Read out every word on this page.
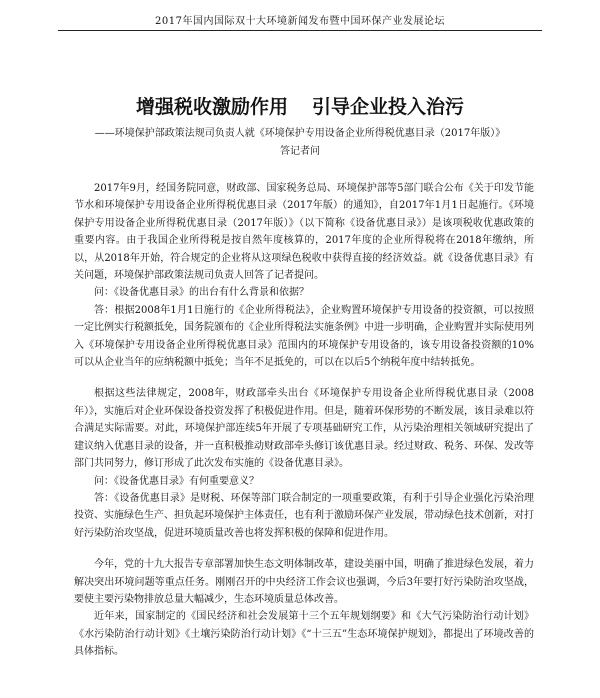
2017年国内国际双十大环境新闻发布暨中国环保产业发展论坛
增强税收激励作用 引导企业投入治污
——环境保护部政策法规司负责人就《环境保护专用设备企业所得税优惠目录（2017年版）》
答记者问

2017年9月，经国务院同意，财政部、国家税务总局、环境保护部等5部门联合公布《关于印发节能节水和环境保护专用设备企业所得税优惠目录（2017年版）的通知》，自2017年1月1日起施行。《环境保护专用设备企业所得税优惠目录（2017年版）》（以下简称《设备优惠目录》）是该项税收优惠政策的重要内容。由于我国企业所得税是按自然年度核算的，2017年度的企业所得税将在2018年缴纳，所以，从2018年开始，符合规定的企业将从这项绿色税收中获得直接的经济效益。就《设备优惠目录》有关问题，环境保护部政策法规司负责人回答了记者提问。

问：《设备优惠目录》的出台有什么背景和依据？

答：根据2008年1月1日施行的《企业所得税法》，企业购置环境保护专用设备的投资额，可以按照一定比例实行税额抵免，国务院颁布的《企业所得税法实施条例》中进一步明确，企业购置并实际使用列入《环境保护专用设备企业所得税优惠目录》范围内的环境保护专用设备的，该专用设备投资额的10%可以从企业当年的应纳税额中抵免；当年不足抵免的，可以在以后5个纳税年度中结转抵免。

根据这些法律规定，2008年，财政部牵头出台《环境保护专用设备企业所得税优惠目录（2008年）》，实施后对企业环保设备投资发挥了积极促进作用。但是，随着环保形势的不断发展，该目录难以符合满足实际需要。对此，环境保护部连续5年开展了专项基础研究工作，从污染治理相关领域研究提出了建议纳入优惠目录的设备，并一直积极推动财政部牵头修订该优惠目录。经过财政、税务、环保、发改等部门共同努力，修订形成了此次发布实施的《设备优惠目录》。

问：《设备优惠目录》有何重要意义？

答：《设备优惠目录》是财税、环保等部门联合制定的一项重要政策，有利于引导企业强化污染治理投资、实施绿色生产、担负起环境保护主体责任，也有利于激励环保产业发展，带动绿色技术创新，对打好污染防治攻坚战，促进环境质量改善也将发挥积极的保障和促进作用。

今年，党的十九大报告专章部署加快生态文明体制改革，建设美丽中国，明确了推进绿色发展，着力解决突出环境问题等重点任务。刚刚召开的中央经济工作会议也强调，今后3年要打好污染防治攻坚战，要使主要污染物排放总量大幅减少，生态环境质量总体改善。

近年来，国家制定的《国民经济和社会发展第十三个五年规划纲要》和《大气污染防治行动计划》《水污染防治行动计划》《土壤污染防治行动计划》《“十三五”生态环境保护规划》，都提出了环境改善的具体指标。
